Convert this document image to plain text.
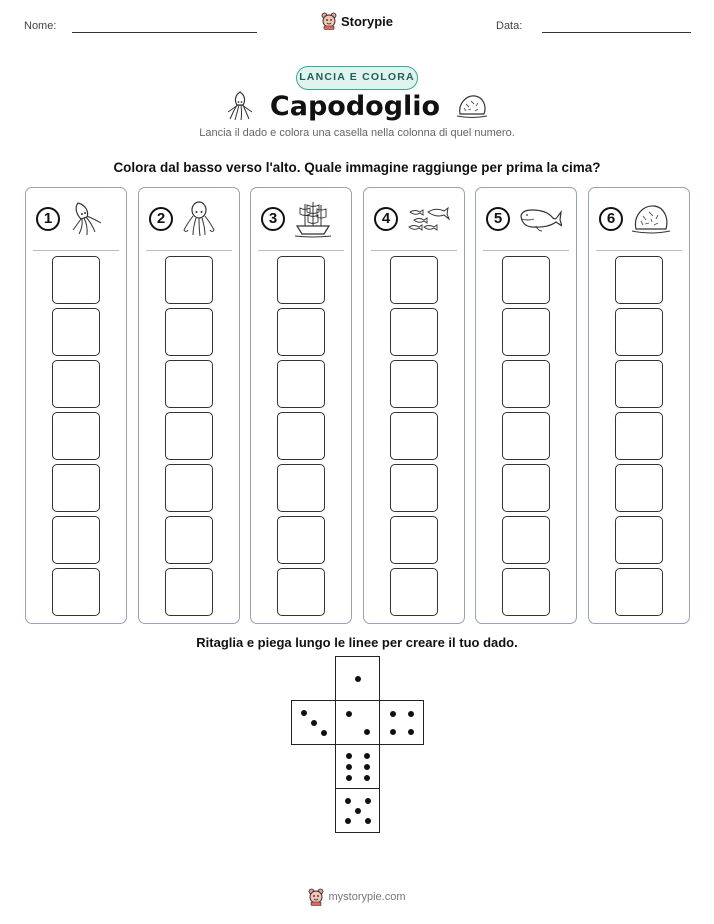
Nome:	Data:
Storypie
LANCIA E COLORA
Capodoglio
Lancia il dado e colora una casella nella colonna di quel numero.
Colora dal basso verso l'alto. Quale immagine raggiunge per prima la cima?
1	2	3	4	5	6
Ritaglia e piega lungo le linee per creare il tuo dado.
mystorypie.com
